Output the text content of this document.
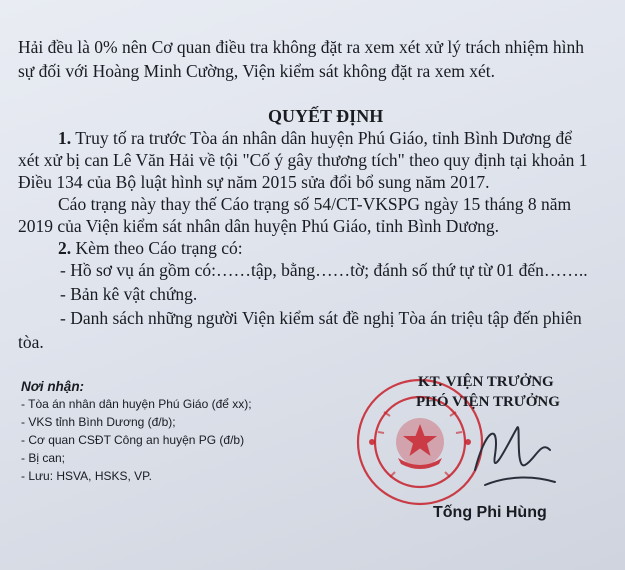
Hải đều là 0% nên Cơ quan điều tra không đặt ra xem xét xử lý trách nhiệm hình
sự đối với Hoàng Minh Cường, Viện kiểm sát không đặt ra xem xét.
QUYẾT ĐỊNH
1. Truy tố ra trước Tòa án nhân dân huyện Phú Giáo, tỉnh Bình Dương để
xét xử bị can Lê Văn Hải về tội "Cố ý gây thương tích" theo quy định tại khoản 1
Điều 134 của Bộ luật hình sự năm 2015 sửa đổi bổ sung năm 2017.
Cáo trạng này thay thế Cáo trạng số 54/CT-VKSPG ngày 15 tháng 8 năm
2019 của Viện kiểm sát nhân dân huyện Phú Giáo, tỉnh Bình Dương.
2. Kèm theo Cáo trạng có:
- Hồ sơ vụ án gồm có:……tập, bằng……tờ; đánh số thứ tự từ 01 đến……..
- Bản kê vật chứng.
- Danh sách những người Viện kiểm sát đề nghị Tòa án triệu tập đến phiên
tòa.
Nơi nhận:
- Tòa án nhân dân huyện Phú Giáo (để xx);
- VKS tỉnh Bình Dương (đ/b);
- Cơ quan CSĐT Công an huyện PG (đ/b)
- Bị can;
- Lưu: HSVA, HSKS, VP.
KT. VIỆN TRƯỞNG
PHÓ VIỆN TRƯỞNG
Tống Phi Hùng
